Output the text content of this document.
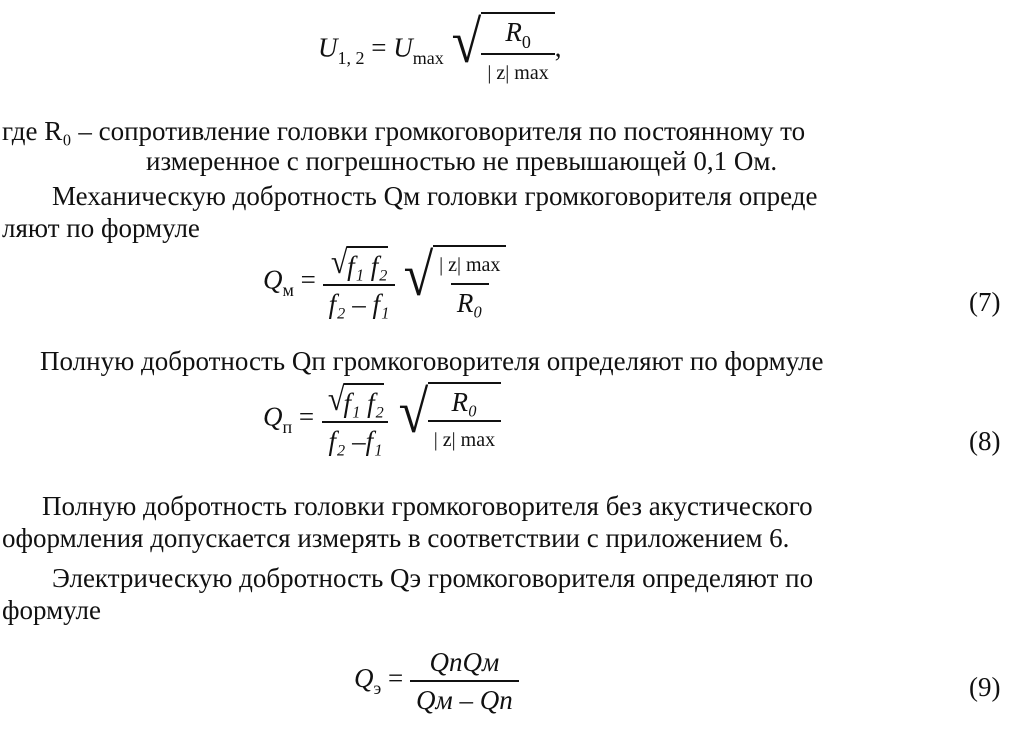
$U_{1, 2} = U_{max}$ √ $\frac{R_0}{| z| \max}$ ,
где R₀ – сопротивление головки громкоговорителя по постоянному то
измеренное с погрешностью не превышающей 0,1 Ом.
Механическую добротность Qм головки громкоговорителя опреде
ляют по формуле
$Q_м$ = √
f₁ f₂
f₂ – f₁
√ $\frac{| z| \max}{\text{R₀}}$	(7)
Полную добротность Qп громкоговорителя определяют по формуле
$Q_п$ = √
f₁ f₂
f₂ –f₁
√ $\frac{\text{R₀}}{| z| \max}$	(8)
Полную добротность головки громкоговорителя без акустического
оформления допускается измерять в соответствии с приложением 6.
Электрическую добротность Qэ громкоговорителя определяют по
формуле
$Q_э = \frac{\text{QпQм}}{Qм - Qп}$	(9)
